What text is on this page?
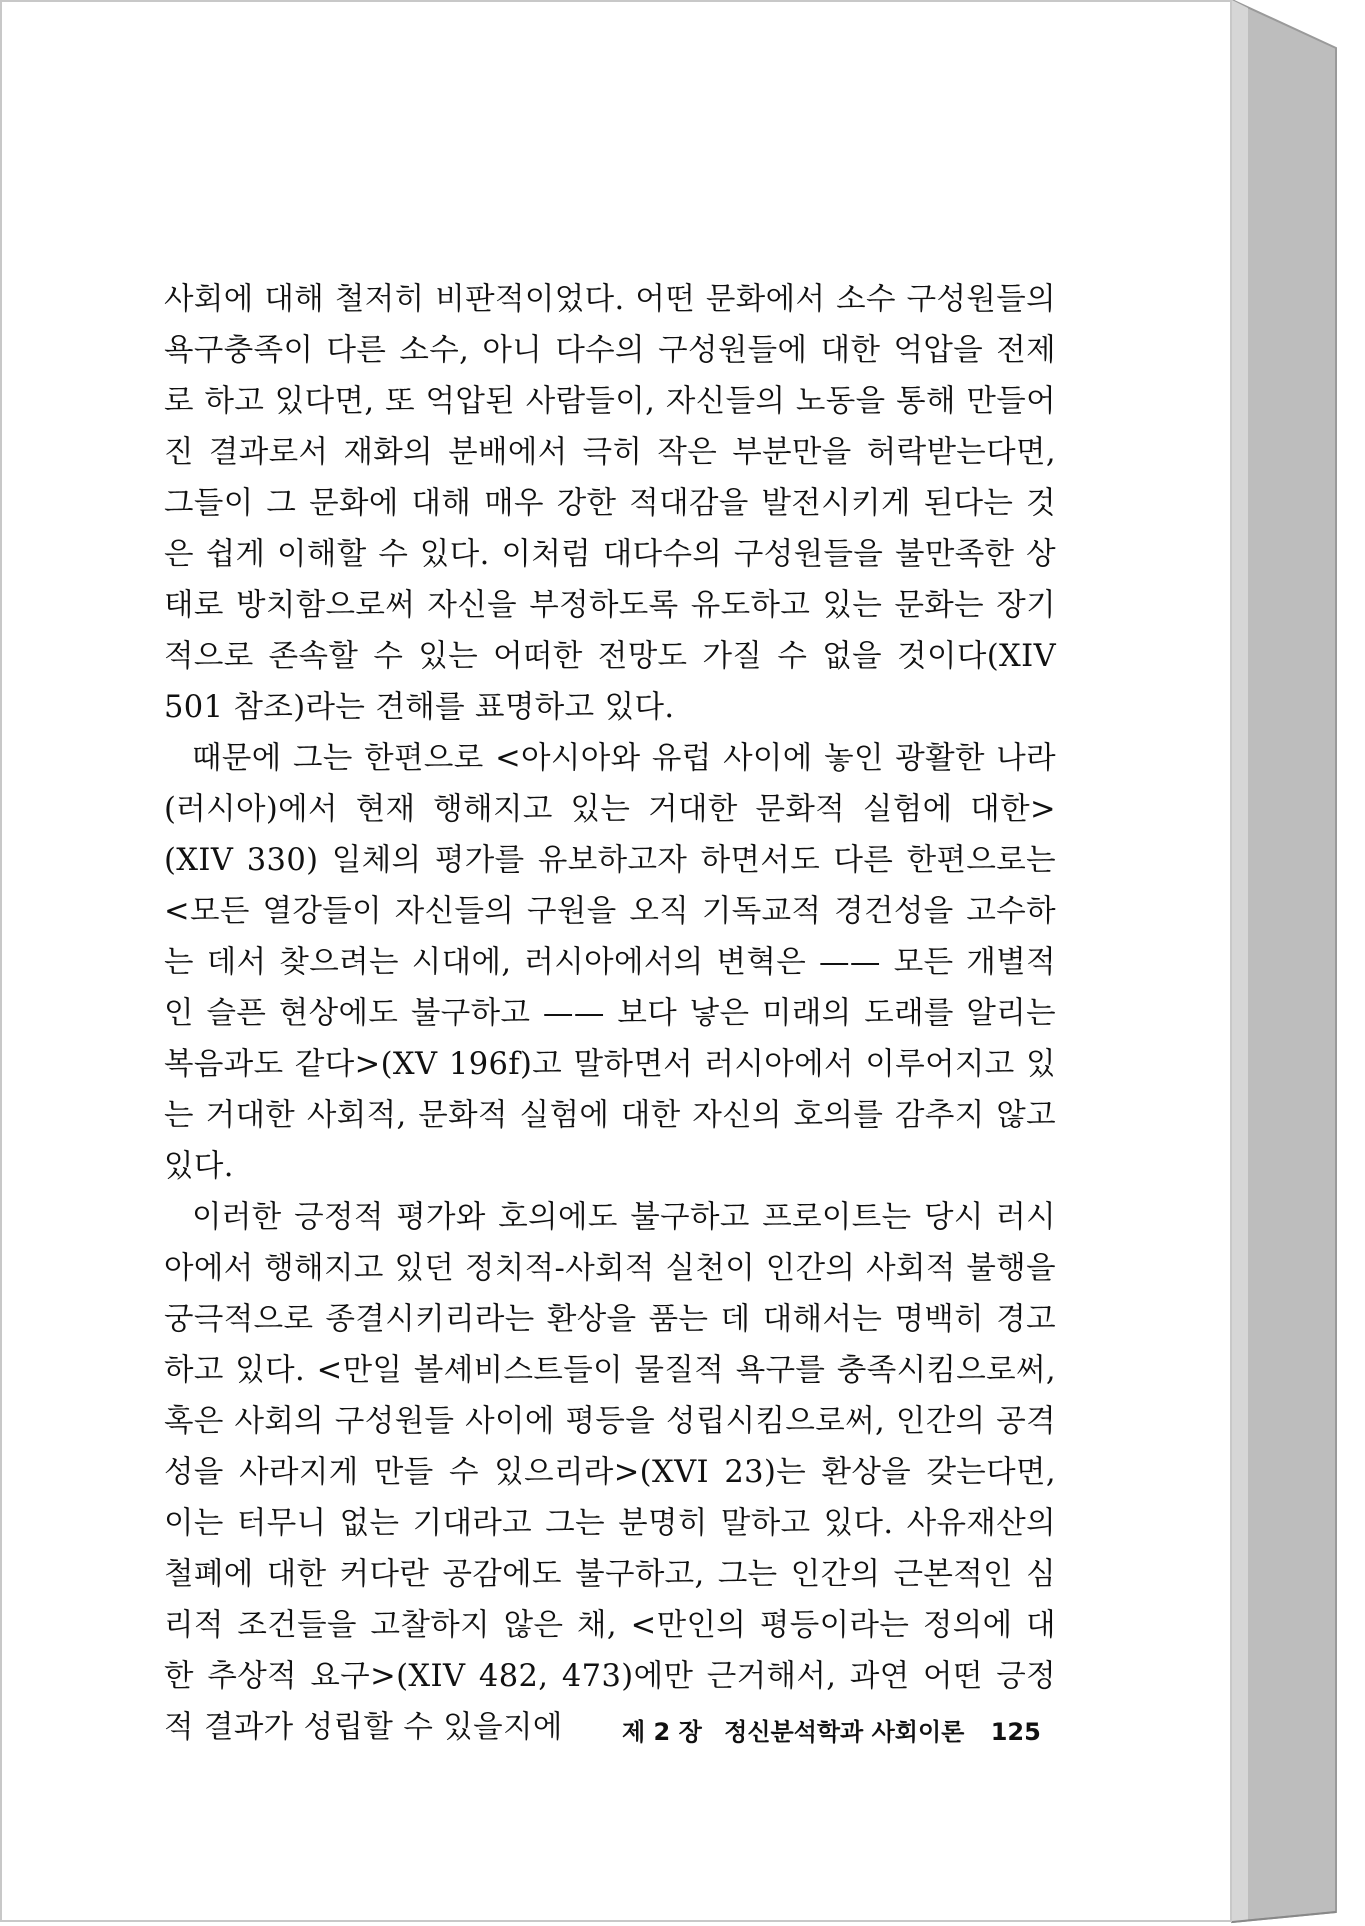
사회에 대해 철저히 비판적이었다. 어떤 문화에서 소수 구성원들의 욕구충족이 다른 소수, 아니 다수의 구성원들에 대한 억압을 전제로 하고 있다면, 또 억압된 사람들이, 자신들의 노동을 통해 만들어진 결과로서 재화의 분배에서 극히 작은 부분만을 허락받는다면, 그들이 그 문화에 대해 매우 강한 적대감을 발전시키게 된다는 것은 쉽게 이해할 수 있다. 이처럼 대다수의 구성원들을 불만족한 상태로 방치함으로써 자신을 부정하도록 유도하고 있는 문화는 장기적으로 존속할 수 있는 어떠한 전망도 가질 수 없을 것이다(XIV 501 참조)라는 견해를 표명하고 있다.

때문에 그는 한편으로 <아시아와 유럽 사이에 놓인 광활한 나라(러시아)에서 현재 행해지고 있는 거대한 문화적 실험에 대한>(XIV 330) 일체의 평가를 유보하고자 하면서도 다른 한편으로는 <모든 열강들이 자신들의 구원을 오직 기독교적 경건성을 고수하는 데서 찾으려는 시대에, 러시아에서의 변혁은 —— 모든 개별적인 슬픈 현상에도 불구하고 —— 보다 낳은 미래의 도래를 알리는 복음과도 같다>(XV 196f)고 말하면서 러시아에서 이루어지고 있는 거대한 사회적, 문화적 실험에 대한 자신의 호의를 감추지 않고 있다.

이러한 긍정적 평가와 호의에도 불구하고 프로이트는 당시 러시아에서 행해지고 있던 정치적-사회적 실천이 인간의 사회적 불행을 궁극적으로 종결시키리라는 환상을 품는 데 대해서는 명백히 경고하고 있다. <만일 볼셰비스트들이 물질적 욕구를 충족시킴으로써, 혹은 사회의 구성원들 사이에 평등을 성립시킴으로써, 인간의 공격성을 사라지게 만들 수 있으리라>(XVI 23)는 환상을 갖는다면, 이는 터무니 없는 기대라고 그는 분명히 말하고 있다. 사유재산의 철폐에 대한 커다란 공감에도 불구하고, 그는 인간의 근본적인 심리적 조건들을 고찰하지 않은 채, <만인의 평등이라는 정의에 대한 추상적 요구>(XIV 482, 473)에만 근거해서, 과연 어떤 긍정적 결과가 성립할 수 있을지에	제 2 장 정신분석학과 사회이론 125
